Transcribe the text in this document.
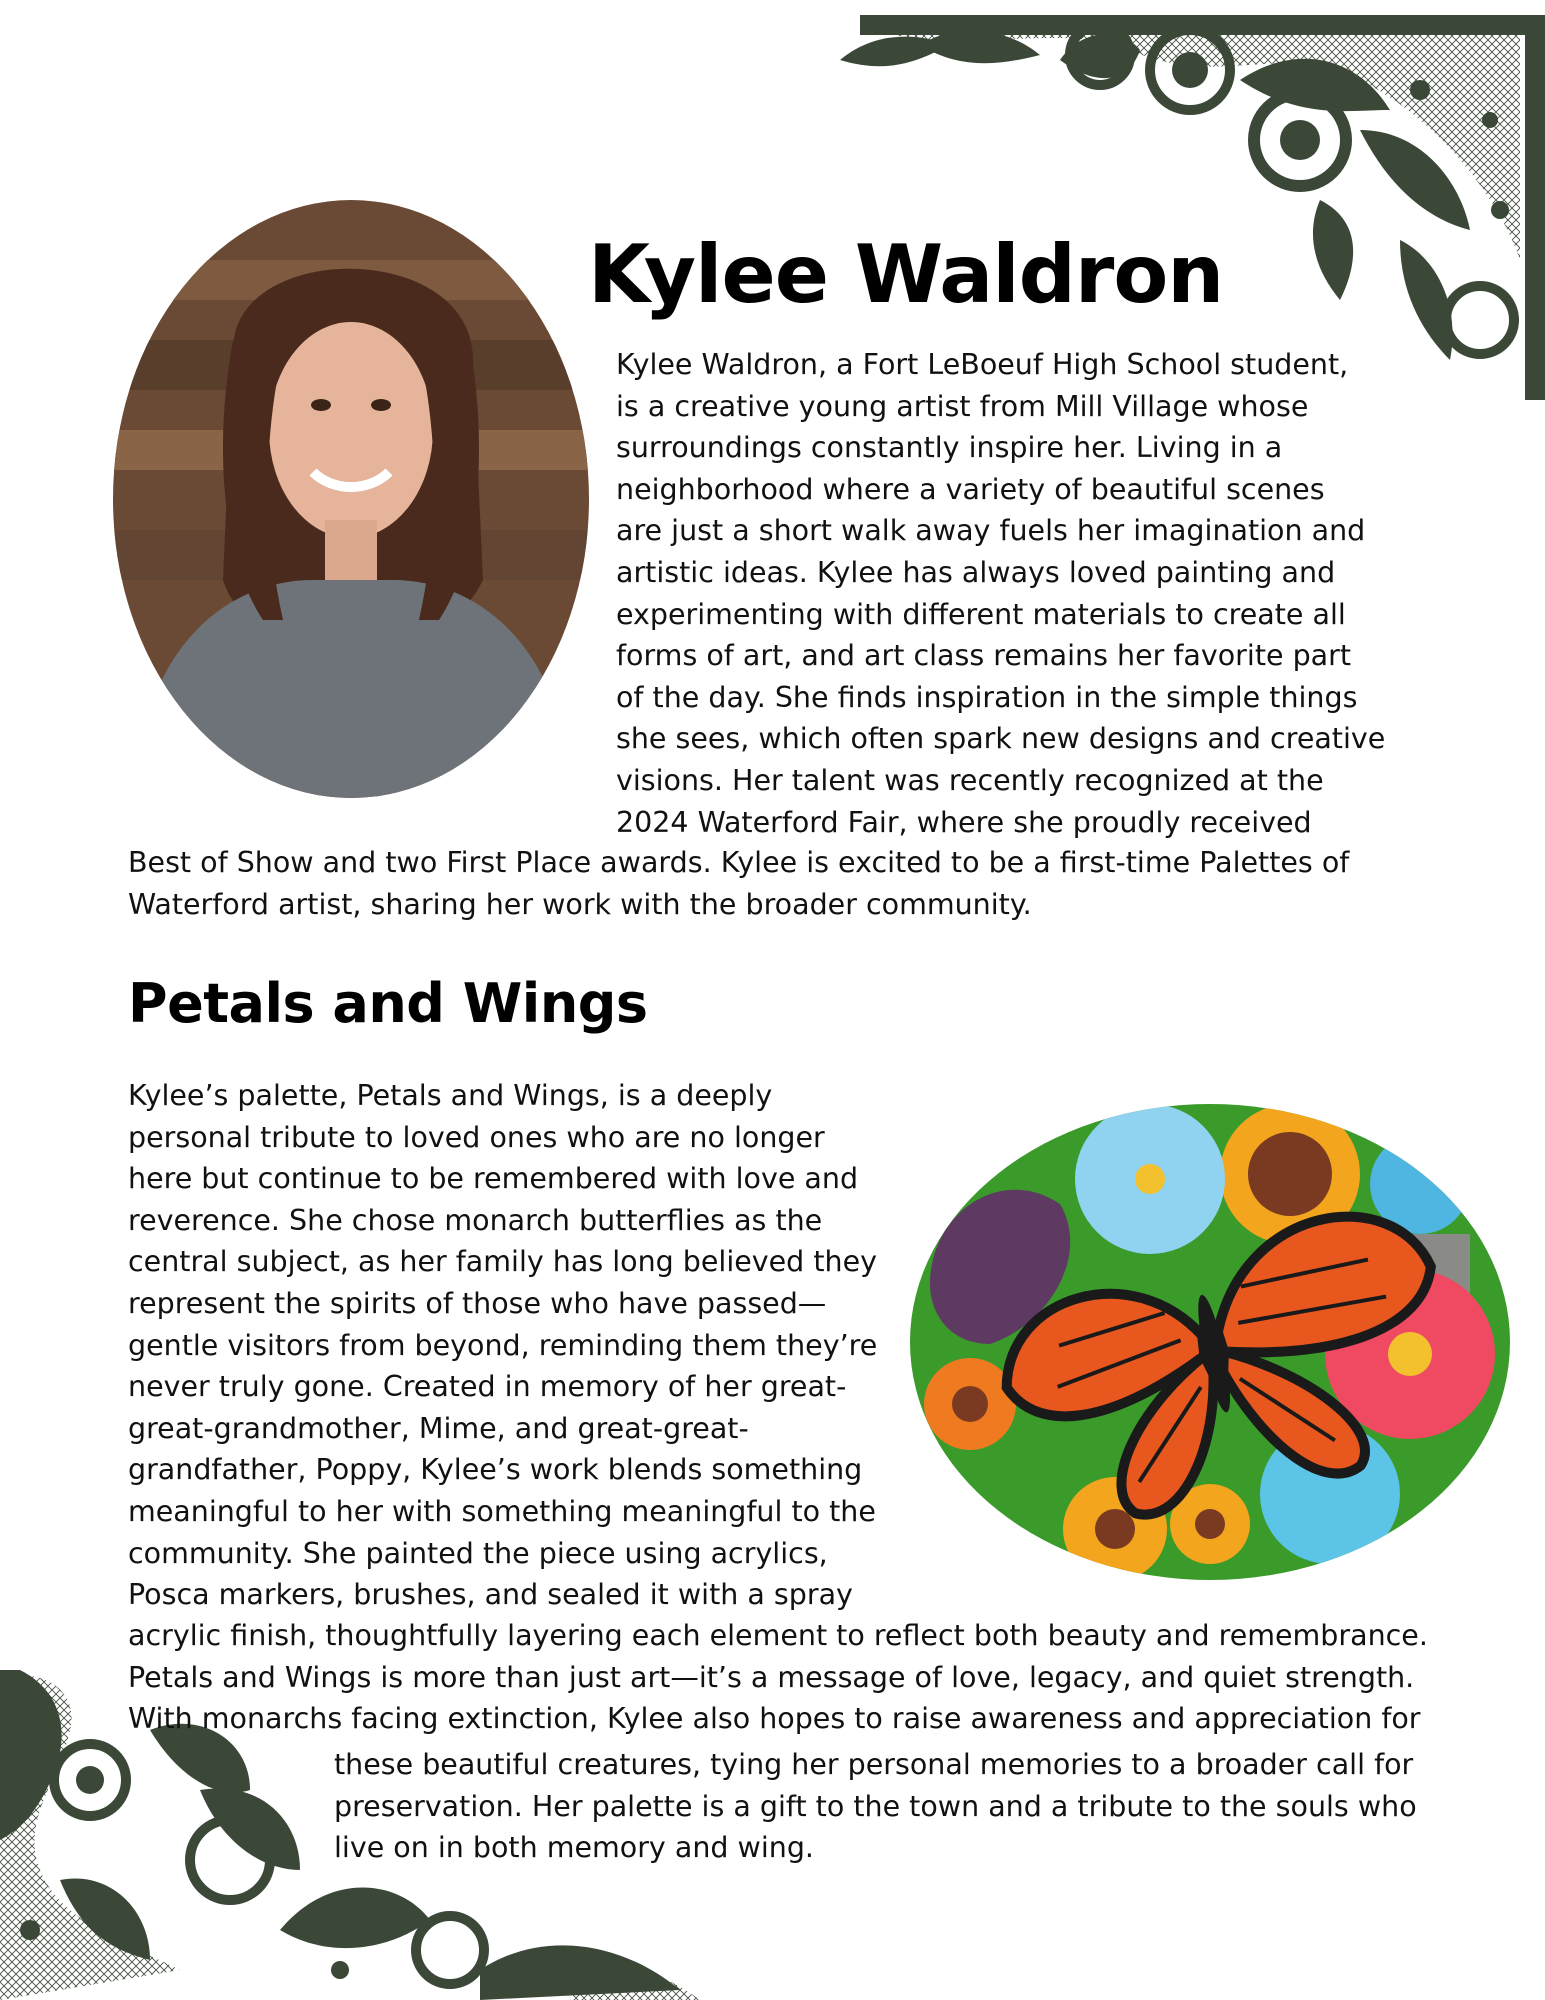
Kylee Waldron
Kylee Waldron, a Fort LeBoeuf High School student,
is a creative young artist from Mill Village whose
surroundings constantly inspire her. Living in a
neighborhood where a variety of beautiful scenes
are just a short walk away fuels her imagination and
artistic ideas. Kylee has always loved painting and
experimenting with different materials to create all
forms of art, and art class remains her favorite part
of the day. She finds inspiration in the simple things
she sees, which often spark new designs and creative
visions. Her talent was recently recognized at the
2024 Waterford Fair, where she proudly received
Best of Show and two First Place awards. Kylee is excited to be a first-time Palettes of
Waterford artist, sharing her work with the broader community.
Petals and Wings
Kylee’s palette, Petals and Wings, is a deeply
personal tribute to loved ones who are no longer
here but continue to be remembered with love and
reverence. She chose monarch butterflies as the
central subject, as her family has long believed they
represent the spirits of those who have passed—
gentle visitors from beyond, reminding them they’re
never truly gone. Created in memory of her great-
great-grandmother, Mime, and great-great-
grandfather, Poppy, Kylee’s work blends something
meaningful to her with something meaningful to the
community. She painted the piece using acrylics,
Posca markers, brushes, and sealed it with a spray
acrylic finish, thoughtfully layering each element to reflect both beauty and remembrance.
Petals and Wings is more than just art—it’s a message of love, legacy, and quiet strength.
With monarchs facing extinction, Kylee also hopes to raise awareness and appreciation for
these beautiful creatures, tying her personal memories to a broader call for
preservation. Her palette is a gift to the town and a tribute to the souls who
live on in both memory and wing.
